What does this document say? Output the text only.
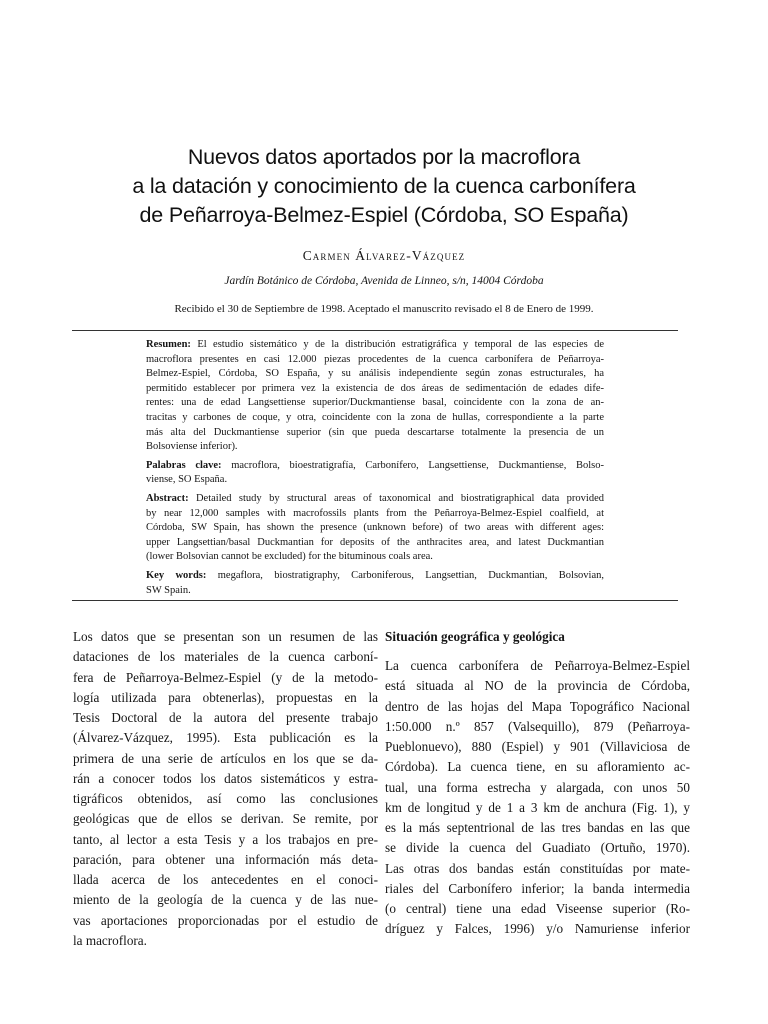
Nuevos datos aportados por la macroflora
a la datación y conocimiento de la cuenca carbonífera
de Peñarroya-Belmez-Espiel (Córdoba, SO España)
Carmen Álvarez-Vázquez
Jardín Botánico de Córdoba, Avenida de Linneo, s/n, 14004 Córdoba
Recibido el 30 de Septiembre de 1998. Aceptado el manuscrito revisado el 8 de Enero de 1999.
Resumen: El estudio sistemático y de la distribución estratigráfica y temporal de las especies de
macroflora presentes en casi 12.000 piezas procedentes de la cuenca carbonífera de Peñarroya-
Belmez-Espiel, Córdoba, SO España, y su análisis independiente según zonas estructurales, ha
permitido establecer por primera vez la existencia de dos áreas de sedimentación de edades dife-
rentes: una de edad Langsettiense superior/Duckmantiense basal, coincidente con la zona de an-
tracitas y carbones de coque, y otra, coincidente con la zona de hullas, correspondiente a la parte
más alta del Duckmantiense superior (sin que pueda descartarse totalmente la presencia de un
Bolsoviense inferior).
Palabras clave: macroflora, bioestratigrafía, Carbonífero, Langsettiense, Duckmantiense, Bolso-
viense, SO España.
Abstract: Detailed study by structural areas of taxonomical and biostratigraphical data provided
by near 12,000 samples with macrofossils plants from the Peñarroya-Belmez-Espiel coalfield, at
Córdoba, SW Spain, has shown the presence (unknown before) of two areas with different ages:
upper Langsettian/basal Duckmantian for deposits of the anthracites area, and latest Duckmantian
(lower Bolsovian cannot be excluded) for the bituminous coals area.
Key words: megaflora, biostratigraphy, Carboniferous, Langsettian, Duckmantian, Bolsovian,
SW Spain.
Los datos que se presentan son un resumen de las
dataciones de los materiales de la cuenca carboní-
fera de Peñarroya-Belmez-Espiel (y de la metodo-
logía utilizada para obtenerlas), propuestas en la
Tesis Doctoral de la autora del presente trabajo
(Álvarez-Vázquez, 1995). Esta publicación es la
primera de una serie de artículos en los que se da-
rán a conocer todos los datos sistemáticos y estra-
tigráficos obtenidos, así como las conclusiones
geológicas que de ellos se derivan. Se remite, por
tanto, al lector a esta Tesis y a los trabajos en pre-
paración, para obtener una información más deta-
llada acerca de los antecedentes en el conoci-
miento de la geología de la cuenca y de las nue-
vas aportaciones proporcionadas por el estudio de
la macroflora.
Situación geográfica y geológica
La cuenca carbonífera de Peñarroya-Belmez-Espiel
está situada al NO de la provincia de Córdoba,
dentro de las hojas del Mapa Topográfico Nacional
1:50.000 n.º 857 (Valsequillo), 879 (Peñarroya-
Pueblonuevo), 880 (Espiel) y 901 (Villaviciosa de
Córdoba). La cuenca tiene, en su afloramiento ac-
tual, una forma estrecha y alargada, con unos 50
km de longitud y de 1 a 3 km de anchura (Fig. 1), y
es la más septentrional de las tres bandas en las que
se divide la cuenca del Guadiato (Ortuño, 1970).
Las otras dos bandas están constituídas por mate-
riales del Carbonífero inferior; la banda intermedia
(o central) tiene una edad Viseense superior (Ro-
dríguez y Falces, 1996) y/o Namuriense inferior
